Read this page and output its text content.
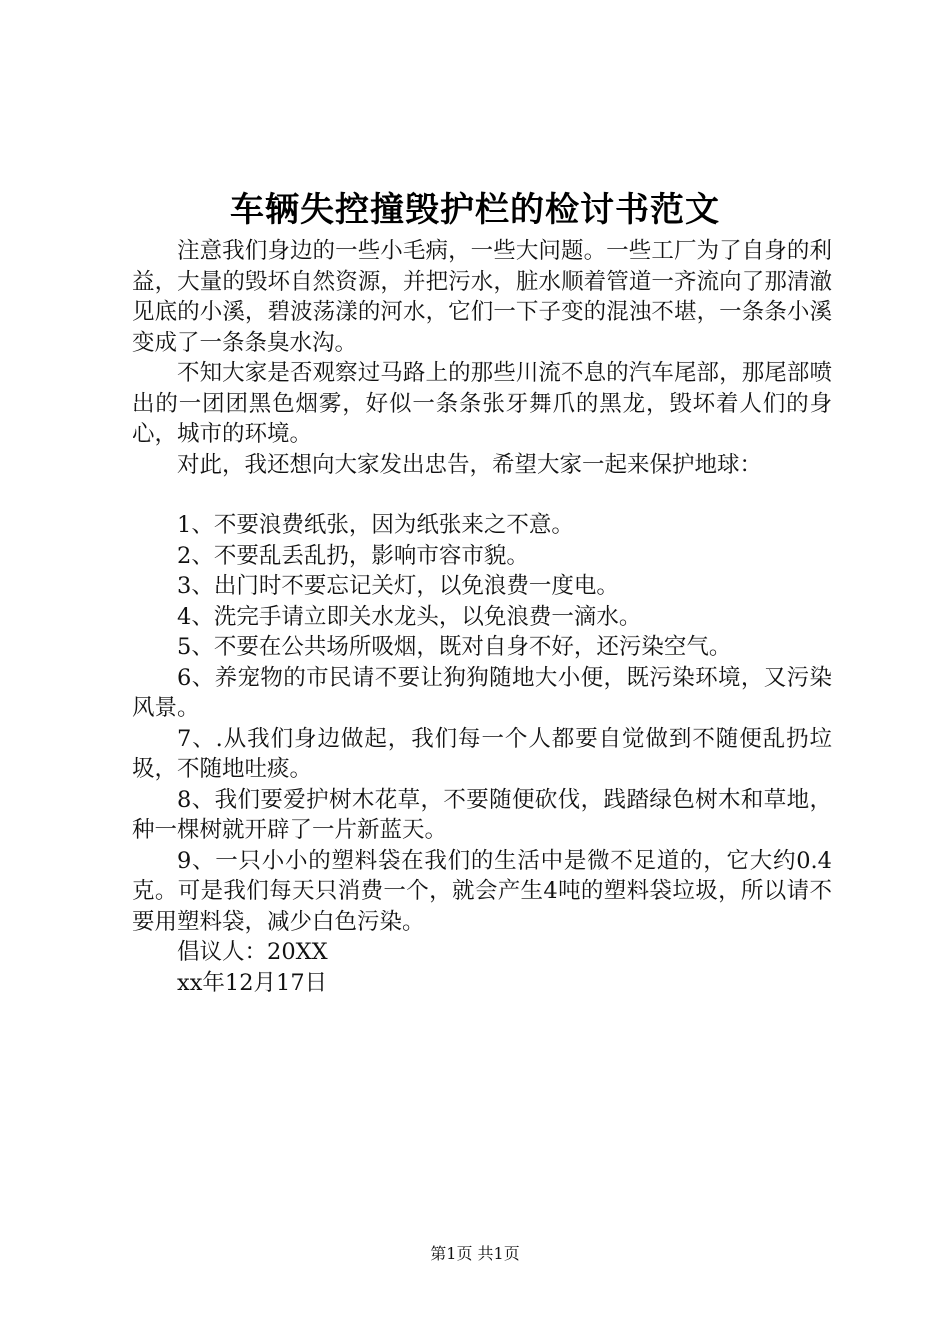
车辆失控撞毁护栏的检讨书范文

注意我们身边的一些小毛病，一些大问题。一些工厂为了自身的利益，大量的毁坏自然资源，并把污水，脏水顺着管道一齐流向了那清澈见底的小溪，碧波荡漾的河水，它们一下子变的混浊不堪，一条条小溪变成了一条条臭水沟。

不知大家是否观察过马路上的那些川流不息的汽车尾部，那尾部喷出的一团团黑色烟雾，好似一条条张牙舞爪的黑龙，毁坏着人们的身心，城市的环境。

对此，我还想向大家发出忠告，希望大家一起来保护地球：

1、不要浪费纸张，因为纸张来之不意。

2、不要乱丢乱扔，影响市容市貌。

3、出门时不要忘记关灯，以免浪费一度电。

4、洗完手请立即关水龙头，以免浪费一滴水。

5、不要在公共场所吸烟，既对自身不好，还污染空气。

6、养宠物的市民请不要让狗狗随地大小便，既污染环境，又污染风景。

7、.从我们身边做起，我们每一个人都要自觉做到不随便乱扔垃圾，不随地吐痰。

8、我们要爱护树木花草，不要随便砍伐，践踏绿色树木和草地，种一棵树就开辟了一片新蓝天。

9、一只小小的塑料袋在我们的生活中是微不足道的，它大约0.4克。可是我们每天只消费一个，就会产生4吨的塑料袋垃圾，所以请不要用塑料袋，减少白色污染。

倡议人：20XX

xx年12月17日

第1页 共1页
